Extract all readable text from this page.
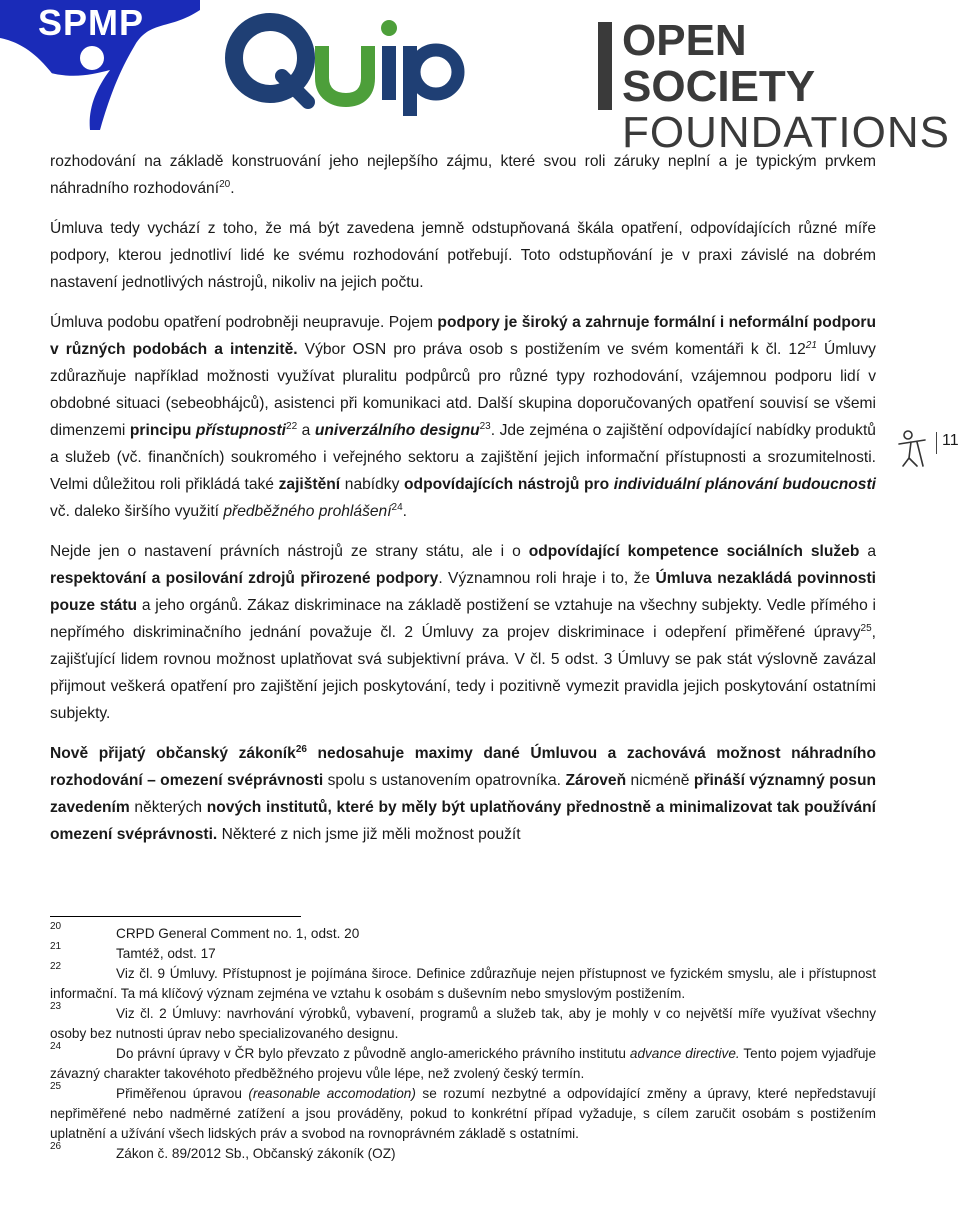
SPMP	OPEN SOCIETY
FOUNDATIONS

rozhodování na základě konstruování jeho nejlepšího zájmu, které svou roli záruky neplní a je typickým prvkem náhradního rozhodování$^{20}$.

Úmluva tedy vychází z toho, že má být zavedena jemně odstupňovaná škála opatření, odpovídajících různé míře podpory, kterou jednotliví lidé ke svému rozhodování potřebují. Toto odstupňování je v praxi závislé na dobrém nastavení jednotlivých nástrojů, nikoliv na jejich počtu.

Úmluva podobu opatření podrobněji neupravuje. Pojem podpory je široký a zahrnuje formální i neformální podporu v různých podobách a intenzitě. Výbor OSN pro práva osob s postižením ve svém komentáři k čl. $12^{21}$ Úmluvy zdůrazňuje například možnosti využívat pluralitu podpůrců pro různé typy rozhodování, vzájemnou podporu lidí v obdobné situaci (sebeobhájců), asistenci při komunikaci atd. Další skupina doporučovaných opatření souvisí se všemi dimenzemi principu přístupnosti$^{22}$ a univerzálního designu$^{23}$. Jde zejména o zajištění odpovídající nabídky produktů a služeb (vč. finančních) soukromého i veřejného sektoru a zajištění jejich informační přístupnosti a srozumitelnosti. Velmi důležitou roli přikládá také zajištění nabídky odpovídajících nástrojů pro individuální plánování budoucnosti vč. daleko širšího využití předběžného prohlášení$^{24}$.

Nejde jen o nastavení právních nástrojů ze strany státu, ale i o odpovídající kompetence sociálních služeb a respektování a posilování zdrojů přirozené podpory. Významnou roli hraje i to, že Úmluva nezakládá povinnosti pouze státu a jeho orgánů. Zákaz diskriminace na základě postižení se vztahuje na všechny subjekty. Vedle přímého i nepřímého diskriminačního jednání považuje čl. 2 Úmluvy za projev diskriminace i odepření přiměřené úpravy$^{25}$, zajišťující lidem rovnou možnost uplatňovat svá subjektivní práva. V čl. 5 odst. 3 Úmluvy se pak stát výslovně zavázal přijmout veškerá opatření pro zajištění jejich poskytování, tedy i pozitivně vymezit pravidla jejich poskytování ostatními subjekty.

Nově přijatý občanský zákoník$^{26}$ nedosahuje maximy dané Úmluvou a zachovává možnost náhradního rozhodování – omezení svéprávnosti spolu s ustanovením opatrovníka. Zároveň nicméně přináší významný posun zavedením některých nových institutů, které by měly být uplatňovány přednostně a minimalizovat tak používání omezení svéprávnosti. Některé z nich jsme již měli možnost použít

11

20	CRPD General Comment no. 1, odst. 20

21	Tamtéž, odst. 17

22	Viz čl. 9 Úmluvy. Přístupnost je pojímána široce. Definice zdůrazňuje nejen přístupnost ve fyzickém smyslu, ale i přístupnost informační. Ta má klíčový význam zejména ve vztahu k osobám s duševním nebo smyslovým postižením.

23	Viz čl. 2 Úmluvy: navrhování výrobků, vybavení, programů a služeb tak, aby je mohly v co největší míře využívat všechny osoby bez nutnosti úprav nebo specializovaného designu.

24	Do právní úpravy v ČR bylo převzato z původně anglo-amerického právního institutu advance directive. Tento pojem vyjadřuje závazný charakter takovéhoto předběžného projevu vůle lépe, než zvolený český termín.

25	Přiměřenou úpravou (reasonable accomodation) se rozumí nezbytné a odpovídající změny a úpravy, které nepředstavují nepřiměřené nebo nadměrné zatížení a jsou prováděny, pokud to konkrétní případ vyžaduje, s cílem zaručit osobám s postižením uplatnění a užívání všech lidských práv a svobod na rovnoprávném základě s ostatními.

26	Zákon č. 89/2012 Sb., Občanský zákoník (OZ)
